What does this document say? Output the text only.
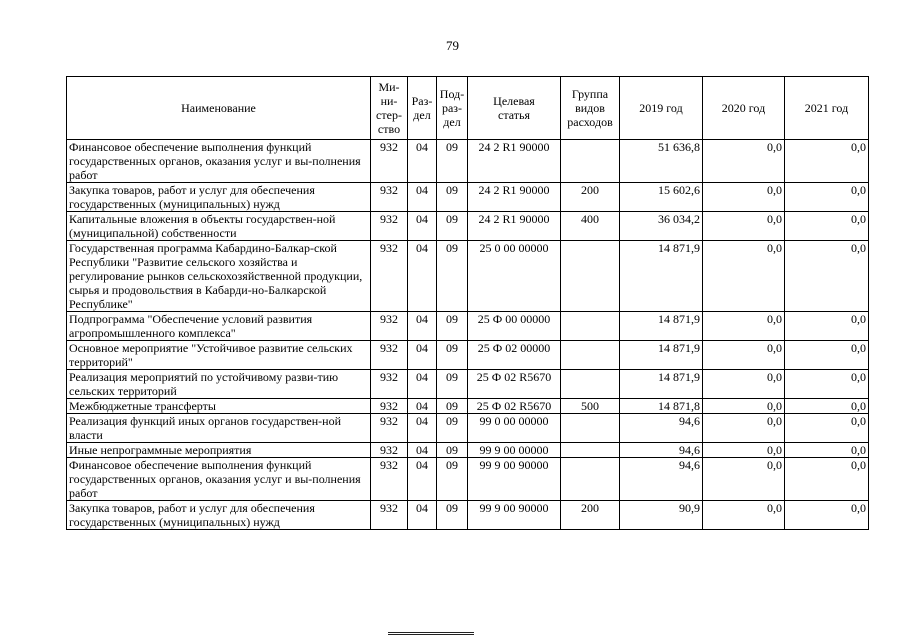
79
Наименование	Ми-
ни-
стер-
ство	Раз-
дел	Под-
раз-
дел	Целевая
статья	Группа
видов
расходов	2019 год	2020 год	2021 год
Финансовое обеспечение выполнения функций государственных органов, оказания услуг и вы-полнения работ	932	04	09	24 2 R1 90000		51 636,8	0,0	0,0
Закупка товаров, работ и услуг для обеспечения государственных (муниципальных) нужд	932	04	09	24 2 R1 90000	200	15 602,6	0,0	0,0
Капитальные вложения в объекты государствен-ной (муниципальной) собственности	932	04	09	24 2 R1 90000	400	36 034,2	0,0	0,0
Государственная программа Кабардино-Балкар-ской Республики "Развитие сельского хозяйства и регулирование рынков сельскохозяйственной продукции, сырья и продовольствия в Кабарди-но-Балкарской Республике"	932	04	09	25 0 00 00000		14 871,9	0,0	0,0
Подпрограмма "Обеспечение условий развития агропромышленного комплекса"	932	04	09	25 Ф 00 00000		14 871,9	0,0	0,0
Основное мероприятие "Устойчивое развитие сельских территорий"	932	04	09	25 Ф 02 00000		14 871,9	0,0	0,0
Реализация мероприятий по устойчивому разви-тию сельских территорий	932	04	09	25 Ф 02 R5670		14 871,9	0,0	0,0
Межбюджетные трансферты	932	04	09	25 Ф 02 R5670	500	14 871,8	0,0	0,0
Реализация функций иных органов государствен-ной власти	932	04	09	99 0 00 00000		94,6	0,0	0,0
Иные непрограммные мероприятия	932	04	09	99 9 00 00000		94,6	0,0	0,0
Финансовое обеспечение выполнения функций государственных органов, оказания услуг и вы-полнения работ	932	04	09	99 9 00 90000		94,6	0,0	0,0
Закупка товаров, работ и услуг для обеспечения государственных (муниципальных) нужд	932	04	09	99 9 00 90000	200	90,9	0,0	0,0
